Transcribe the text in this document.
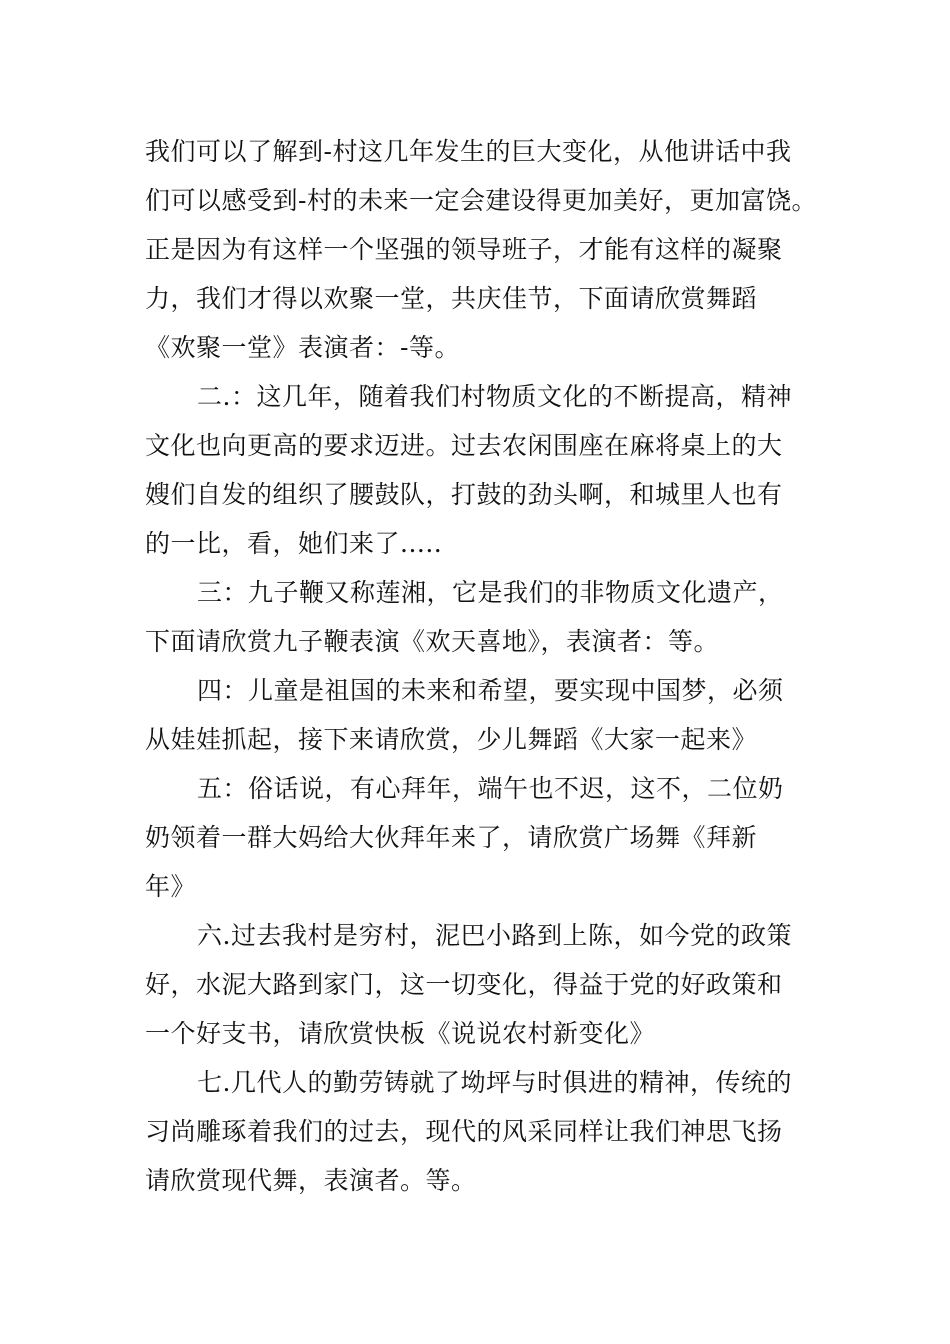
我们可以了解到-村这几年发生的巨大变化，从他讲话中我
们可以感受到-村的未来一定会建设得更加美好，更加富饶。
正是因为有这样一个坚强的领导班子，才能有这样的凝聚
力，我们才得以欢聚一堂，共庆佳节，下面请欣赏舞蹈
《欢聚一堂》表演者：-等。

二.：这几年，随着我们村物质文化的不断提高，精神
文化也向更高的要求迈进。过去农闲围座在麻将桌上的大
嫂们自发的组织了腰鼓队，打鼓的劲头啊，和城里人也有
的一比，看，她们来了.....

三：九子鞭又称莲湘，它是我们的非物质文化遗产，
下面请欣赏九子鞭表演《欢天喜地》，表演者：等。

四：儿童是祖国的未来和希望，要实现中国梦，必须
从娃娃抓起，接下来请欣赏，少儿舞蹈《大家一起来》

五：俗话说，有心拜年，端午也不迟，这不，二位奶
奶领着一群大妈给大伙拜年来了，请欣赏广场舞《拜新
年》

六.过去我村是穷村，泥巴小路到上陈，如今党的政策
好，水泥大路到家门，这一切变化，得益于党的好政策和
一个好支书，请欣赏快板《说说农村新变化》

七.几代人的勤劳铸就了坳坪与时俱进的精神，传统的
习尚雕琢着我们的过去，现代的风采同样让我们神思飞扬
请欣赏现代舞，表演者。等。
